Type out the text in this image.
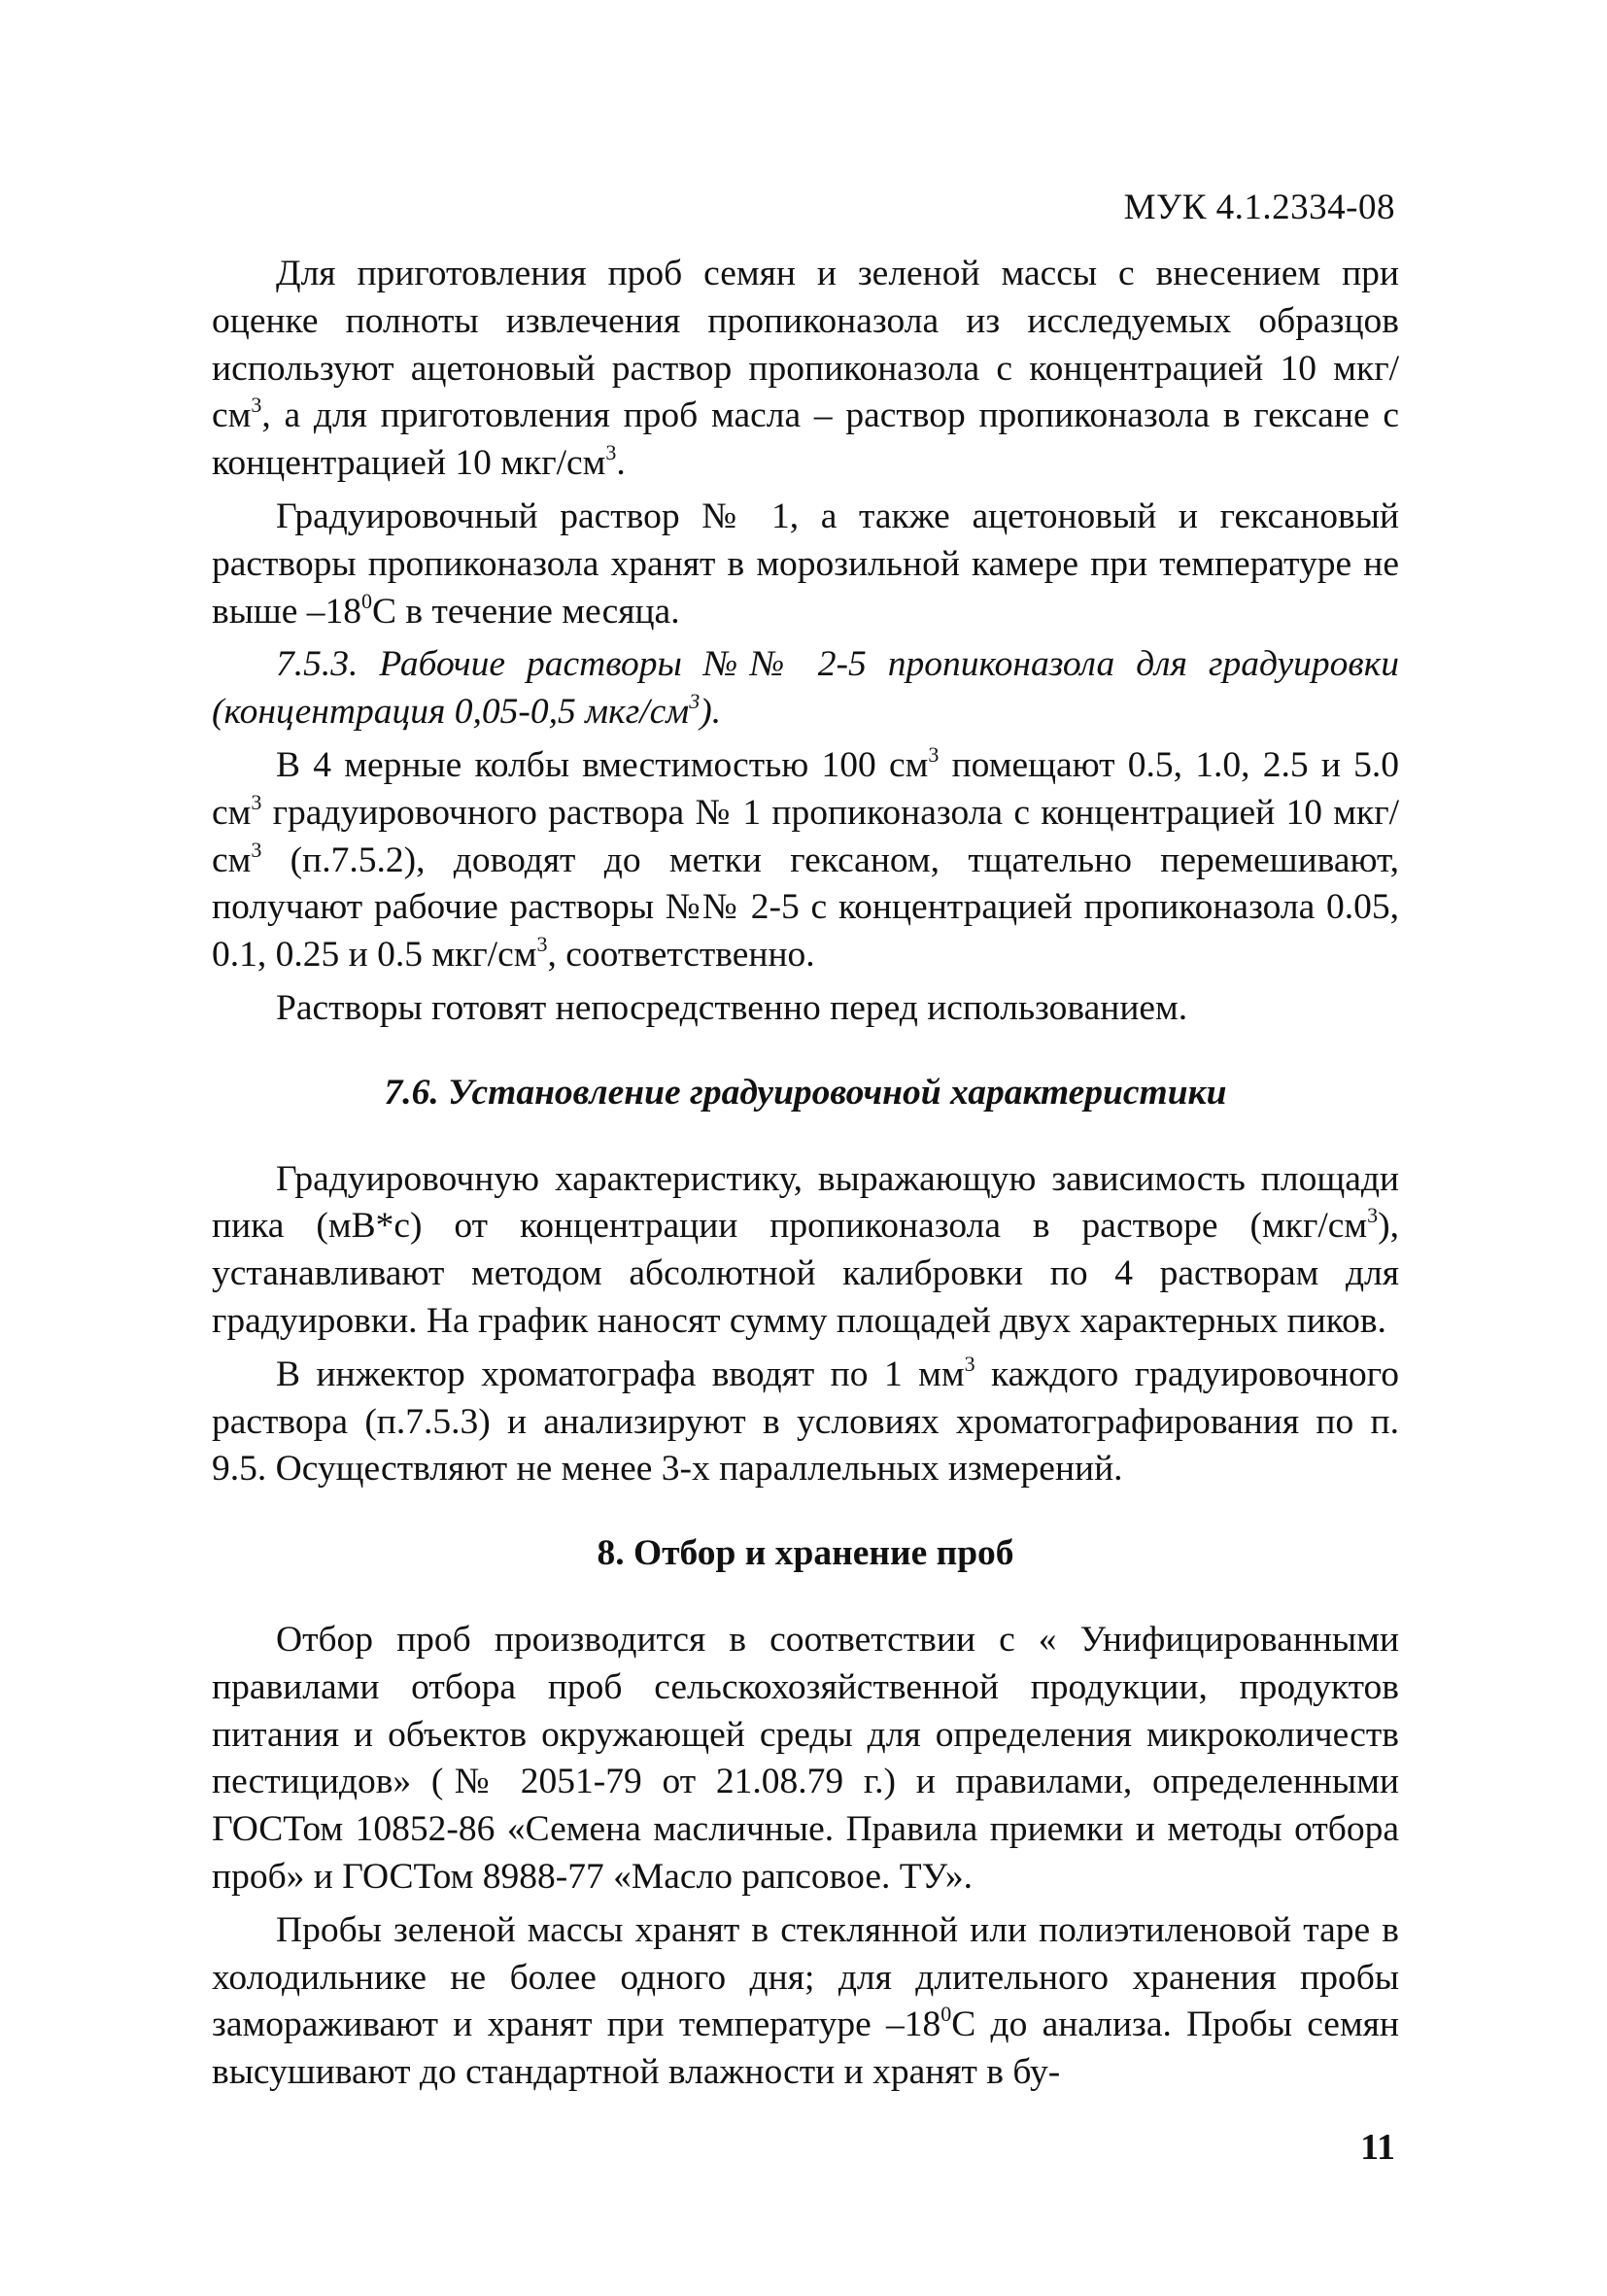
МУК 4.1.2334-08

Для приготовления проб семян и зеленой массы с внесением при оценке полноты извлечения пропиконазола из исследуемых образцов используют ацетоновый раствор пропиконазола с концентрацией 10 мкг/$см^3$, а для приготовления проб масла – раствор пропиконазола в гексане с концентрацией 10 мкг/$см^3$.

Градуировочный раствор № 1, а также ацетоновый и гексановый растворы пропиконазола хранят в морозильной камере при температуре не выше $-18^0С$ в течение месяца.

7.5.3. Рабочие растворы №№ 2-5 пропиконазола для градуировки (концентрация 0,05-0,5 мкг/$см^3$).

В 4 мерные колбы вместимостью 100 $см^3$ помещают 0.5, 1.0, 2.5 и 5.0 $см^3$ градуировочного раствора № 1 пропиконазола с концентрацией 10 мкг/$см^3$ (п.7.5.2), доводят до метки гексаном, тщательно перемешивают, получают рабочие растворы №№ 2-5 с концентрацией пропиконазола 0.05, 0.1, 0.25 и 0.5 мкг/$см^3$, соответственно.

Растворы готовят непосредственно перед использованием.

7.6. Установление градуировочной характеристики

Градуировочную характеристику, выражающую зависимость площади пика (мВ*с) от концентрации пропиконазола в растворе $(мкг/см^3)$, устанавливают методом абсолютной калибровки по 4 растворам для градуировки. На график наносят сумму площадей двух характерных пиков.

В инжектор хроматографа вводят по 1 $мм^3$ каждого градуировочного раствора (п.7.5.3) и анализируют в условиях хроматографирования по п. 9.5. Осуществляют не менее 3-х параллельных измерений.

8. Отбор и хранение проб

Отбор проб производится в соответствии с « Унифицированными правилами отбора проб сельскохозяйственной продукции, продуктов питания и объектов окружающей среды для определения микроколичеств пестицидов» (№ 2051-79 от 21.08.79 г.) и правилами, определенными ГОСТом 10852-86 «Семена масличные. Правила приемки и методы отбора проб» и ГОСТом 8988-77 «Масло рапсовое. ТУ».

Пробы зеленой массы хранят в стеклянной или полиэтиленовой таре в холодильнике не более одного дня; для длительного хранения пробы замораживают и хранят при температуре $-18^0С$ до анализа. Пробы семян высушивают до стандартной влажности и хранят в бу-

11
